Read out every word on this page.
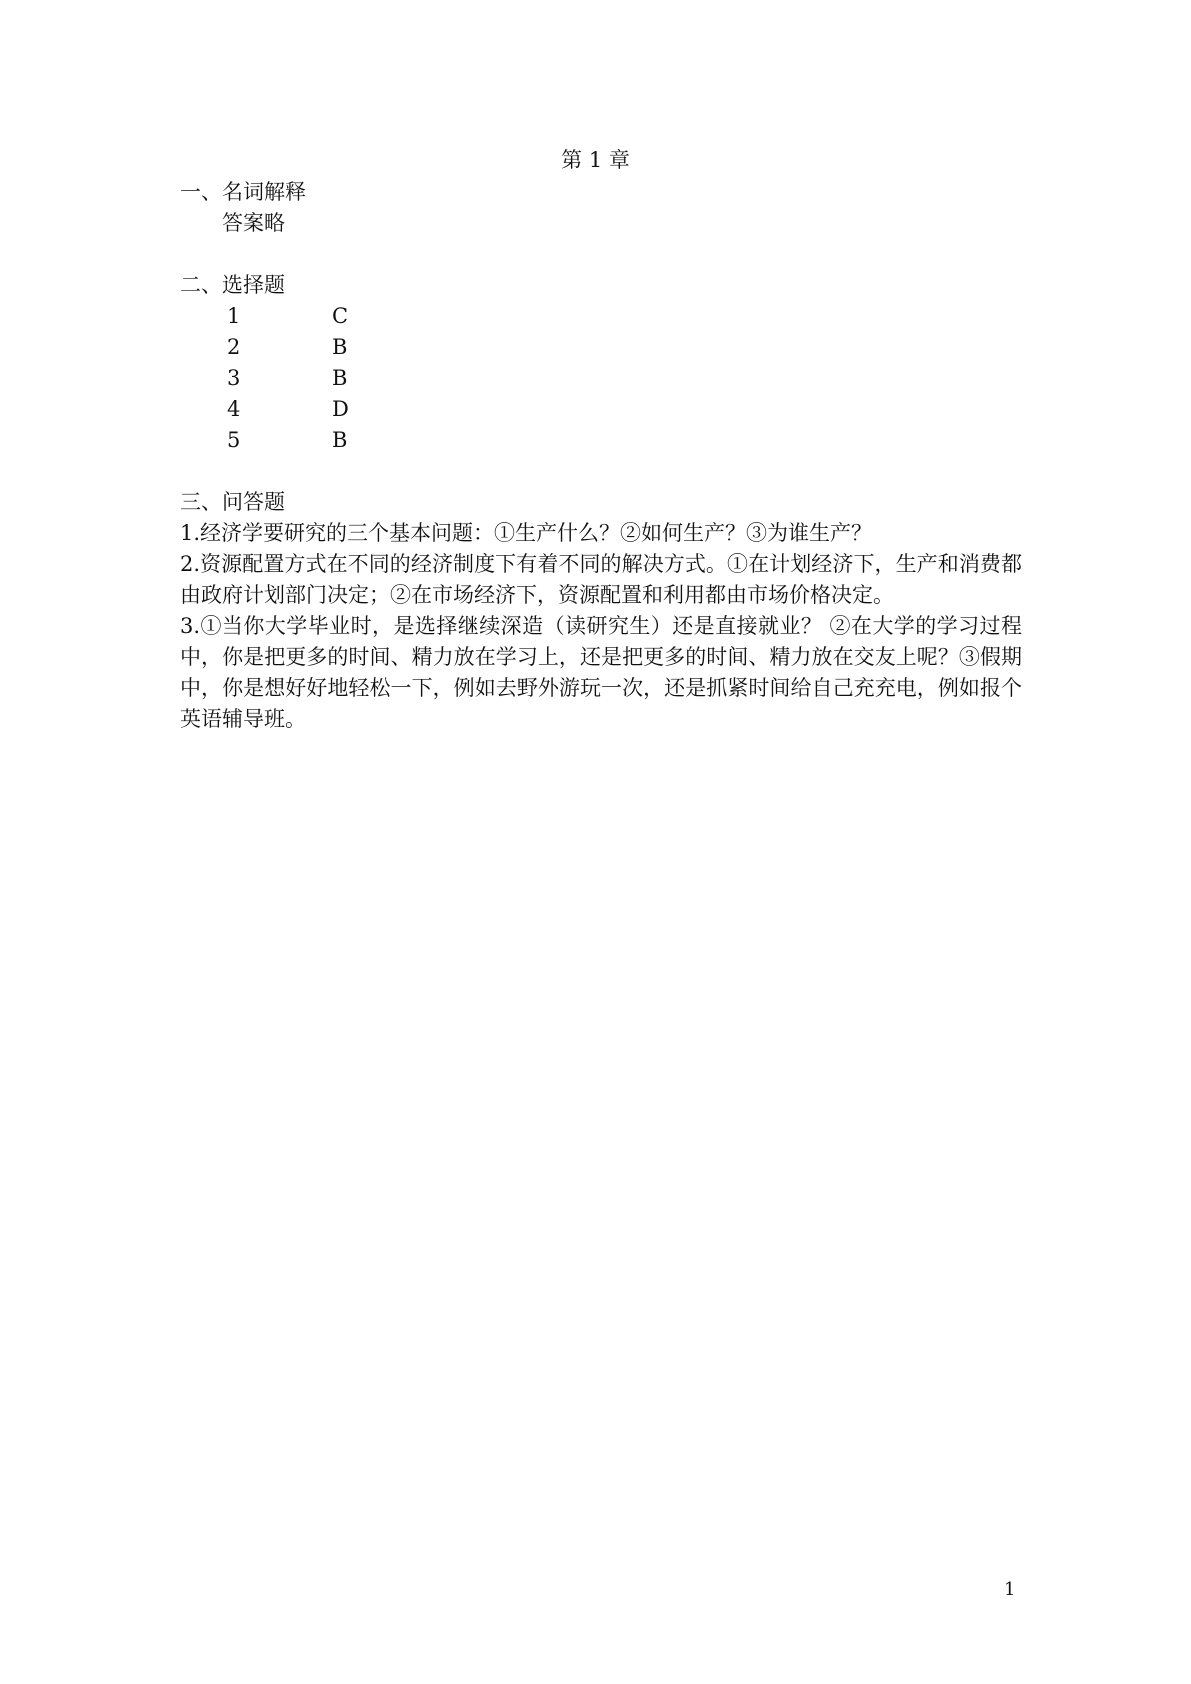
第 1 章
一、名词解释
答案略
二、选择题
1	C
2	B
3	B
4	D
5	B
三、问答题
1.经济学要研究的三个基本问题：①生产什么？②如何生产？③为谁生产？
2.资源配置方式在不同的经济制度下有着不同的解决方式。①在计划经济下，生产和消费都由政府计划部门决定；②在市场经济下，资源配置和利用都由市场价格决定。
3.①当你大学毕业时，是选择继续深造（读研究生）还是直接就业？ ②在大学的学习过程中，你是把更多的时间、精力放在学习上，还是把更多的时间、精力放在交友上呢？③假期中，你是想好好地轻松一下，例如去野外游玩一次，还是抓紧时间给自己充充电，例如报个英语辅导班。
1
